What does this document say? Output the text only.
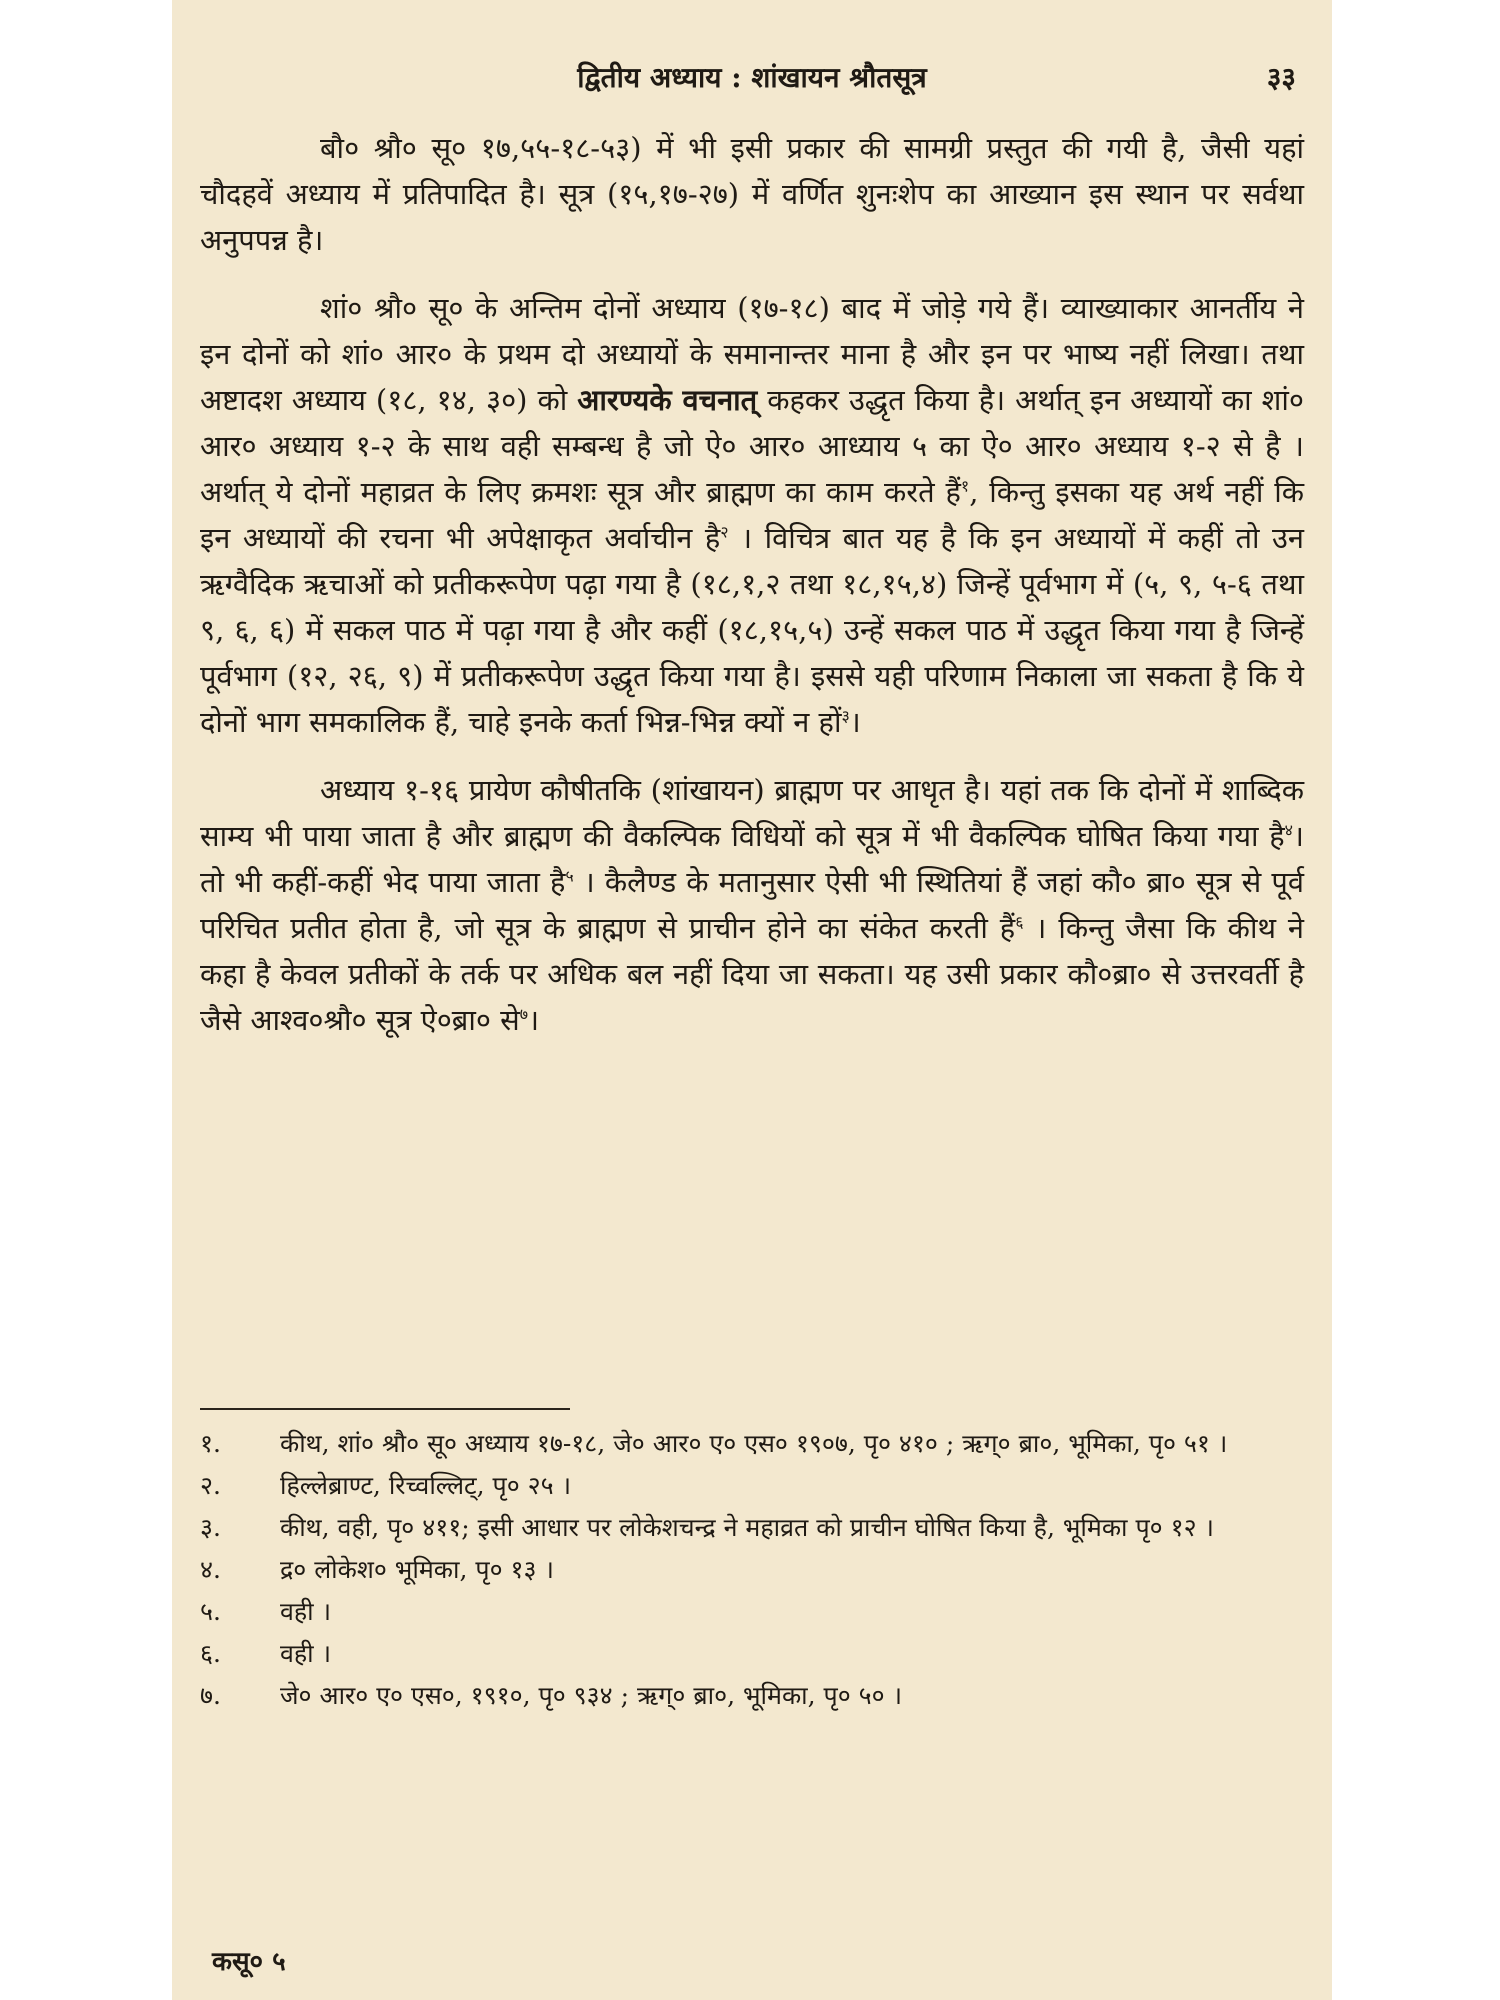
द्वितीय अध्याय : शांखायन श्रौतसूत्र	३३

बौ० श्रौ० सू० १७,५५-१८-५३) में भी इसी प्रकार की सामग्री प्रस्तुत की गयी है, जैसी यहां चौदहवें अध्याय में प्रतिपादित है। सूत्र (१५,१७-२७) में वर्णित शुनःशेप का आख्यान इस स्थान पर सर्वथा अनुपपन्न है।

शां० श्रौ० सू० के अन्तिम दोनों अध्याय (१७-१८) बाद में जोड़े गये हैं। व्याख्याकार आनर्तीय ने इन दोनों को शां० आर० के प्रथम दो अध्यायों के समानान्तर माना है और इन पर भाष्य नहीं लिखा। तथा अष्टादश अध्याय (१८, १४, ३०) को आरण्यके वचनात् कहकर उद्धृत किया है। अर्थात् इन अध्यायों का शां० आर० अध्याय १-२ के साथ वही सम्बन्ध है जो ऐ० आर० आध्याय ५ का ऐ० आर० अध्याय १-२ से है । अर्थात् ये दोनों महाव्रत के लिए क्रमशः सूत्र और ब्राह्मण का काम करते हैं$^१$, किन्तु इसका यह अर्थ नहीं कि इन अध्यायों की रचना भी अपेक्षाकृत अर्वाचीन है$^२$ । विचित्र बात यह है कि इन अध्यायों में कहीं तो उन ऋग्वैदिक ऋचाओं को प्रतीकरूपेण पढ़ा गया है (१८,१,२ तथा १८,१५,४) जिन्हें पूर्वभाग में (५, ९, ५-६ तथा ९, ६, ६) में सकल पाठ में पढ़ा गया है और कहीं (१८,१५,५) उन्हें सकल पाठ में उद्धृत किया गया है जिन्हें पूर्वभाग (१२, २६, ९) में प्रतीकरूपेण उद्धृत किया गया है। इससे यही परिणाम निकाला जा सकता है कि ये दोनों भाग समकालिक हैं, चाहे इनके कर्ता भिन्न-भिन्न क्यों न हों$^३$।

अध्याय १-१६ प्रायेण कौषीतकि (शांखायन) ब्राह्मण पर आधृत है। यहां तक कि दोनों में शाब्दिक साम्य भी पाया जाता है और ब्राह्मण की वैकल्पिक विधियों को सूत्र में भी वैकल्पिक घोषित किया गया है$^४$। तो भी कहीं-कहीं भेद पाया जाता है$^५$ । कैलैण्ड के मतानुसार ऐसी भी स्थितियां हैं जहां कौ० ब्रा० सूत्र से पूर्व परिचित प्रतीत होता है, जो सूत्र के ब्राह्मण से प्राचीन होने का संकेत करती हैं$^६$ । किन्तु जैसा कि कीथ ने कहा है केवल प्रतीकों के तर्क पर अधिक बल नहीं दिया जा सकता। यह उसी प्रकार कौ०ब्रा० से उत्तरवर्ती है जैसे आश्व०श्रौ० सूत्र ऐ०ब्रा० से$^७$।

१.	कीथ, शां० श्रौ० सू० अध्याय १७-१८, जे० आर० ए० एस० १९०७, पृ० ४१० ; ऋग्० ब्रा०, भूमिका, पृ० ५१ ।
२.	हिल्लेब्राण्ट, रिच्वल्लिट्, पृ० २५ ।
३.	कीथ, वही, पृ० ४११; इसी आधार पर लोकेशचन्द्र ने महाव्रत को प्राचीन घोषित किया है, भूमिका पृ० १२ ।
४.	द्र० लोकेश० भूमिका, पृ० १३ ।
५.	वही ।
६.	वही ।
७.	जे० आर० ए० एस०, १९१०, पृ० ९३४ ; ऋग्० ब्रा०, भूमिका, पृ० ५० ।
कसू० ५
